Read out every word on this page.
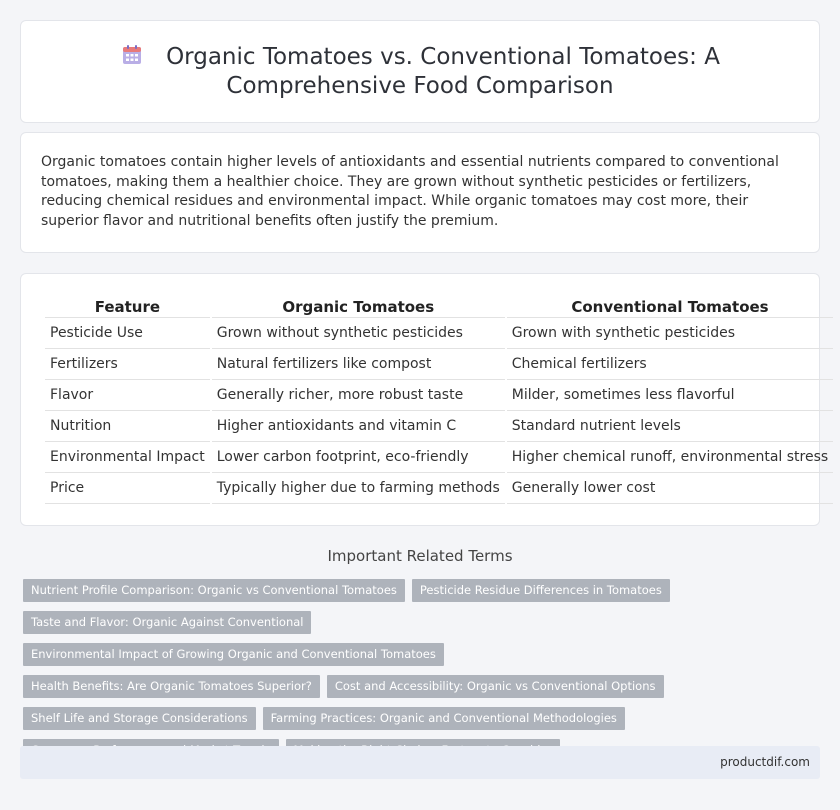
Organic Tomatoes vs. Conventional Tomatoes: A Comprehensive Food Comparison

Organic tomatoes contain higher levels of antioxidants and essential nutrients compared to conventional tomatoes, making them a healthier choice. They are grown without synthetic pesticides or fertilizers, reducing chemical residues and environmental impact. While organic tomatoes may cost more, their superior flavor and nutritional benefits often justify the premium.

Feature	Organic Tomatoes	Conventional Tomatoes
Pesticide Use	Grown without synthetic pesticides	Grown with synthetic pesticides
Fertilizers	Natural fertilizers like compost	Chemical fertilizers
Flavor	Generally richer, more robust taste	Milder, sometimes less flavorful
Nutrition	Higher antioxidants and vitamin C	Standard nutrient levels
Environmental Impact	Lower carbon footprint, eco-friendly	Higher chemical runoff, environmental stress
Price	Typically higher due to farming methods	Generally lower cost
Important Related Terms
Nutrient Profile Comparison: Organic vs Conventional Tomatoes	Pesticide Residue Differences in Tomatoes
Taste and Flavor: Organic Against Conventional
Environmental Impact of Growing Organic and Conventional Tomatoes
Health Benefits: Are Organic Tomatoes Superior?	Cost and Accessibility: Organic vs Conventional Options
Shelf Life and Storage Considerations	Farming Practices: Organic and Conventional Methodologies
productdif.com
